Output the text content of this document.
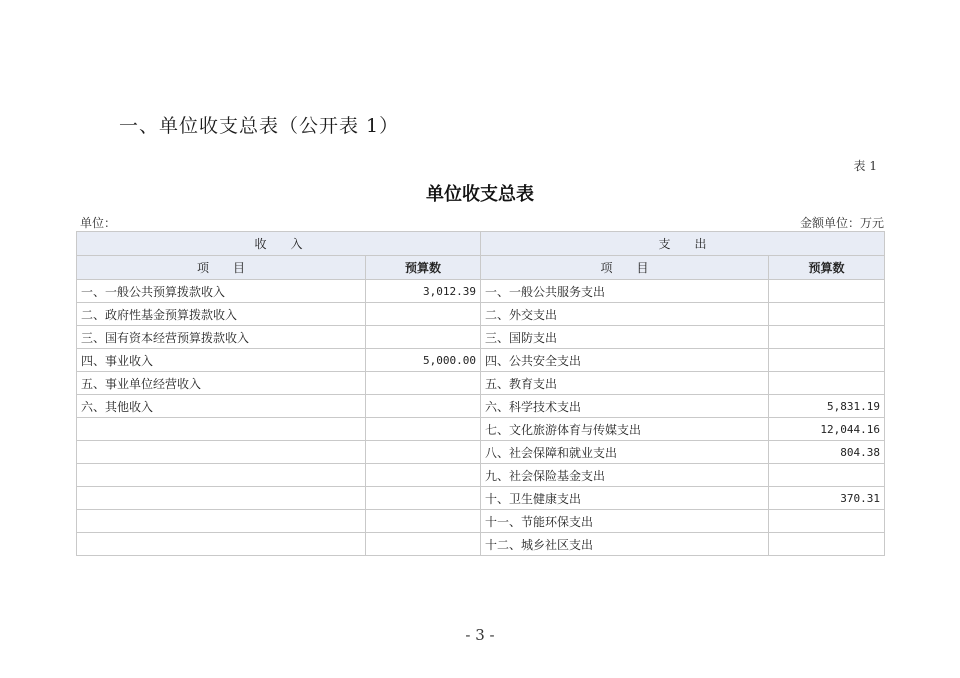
一、单位收支总表（公开表 1）
表 1
单位收支总表
单位：	金额单位：万元
收　　入		支　　出	
项　　目	预算数	项　　目	预算数
一、一般公共预算拨款收入	3,012.39	一、一般公共服务支出	
二、政府性基金预算拨款收入		二、外交支出	
三、国有资本经营预算拨款收入		三、国防支出	
四、事业收入	5,000.00	四、公共安全支出	
五、事业单位经营收入		五、教育支出	
六、其他收入		六、科学技术支出	5,831.19
		七、文化旅游体育与传媒支出	12,044.16
		八、社会保障和就业支出	804.38
		九、社会保险基金支出	
		十、卫生健康支出	370.31
		十一、节能环保支出	
		十二、城乡社区支出	
- 3 -
